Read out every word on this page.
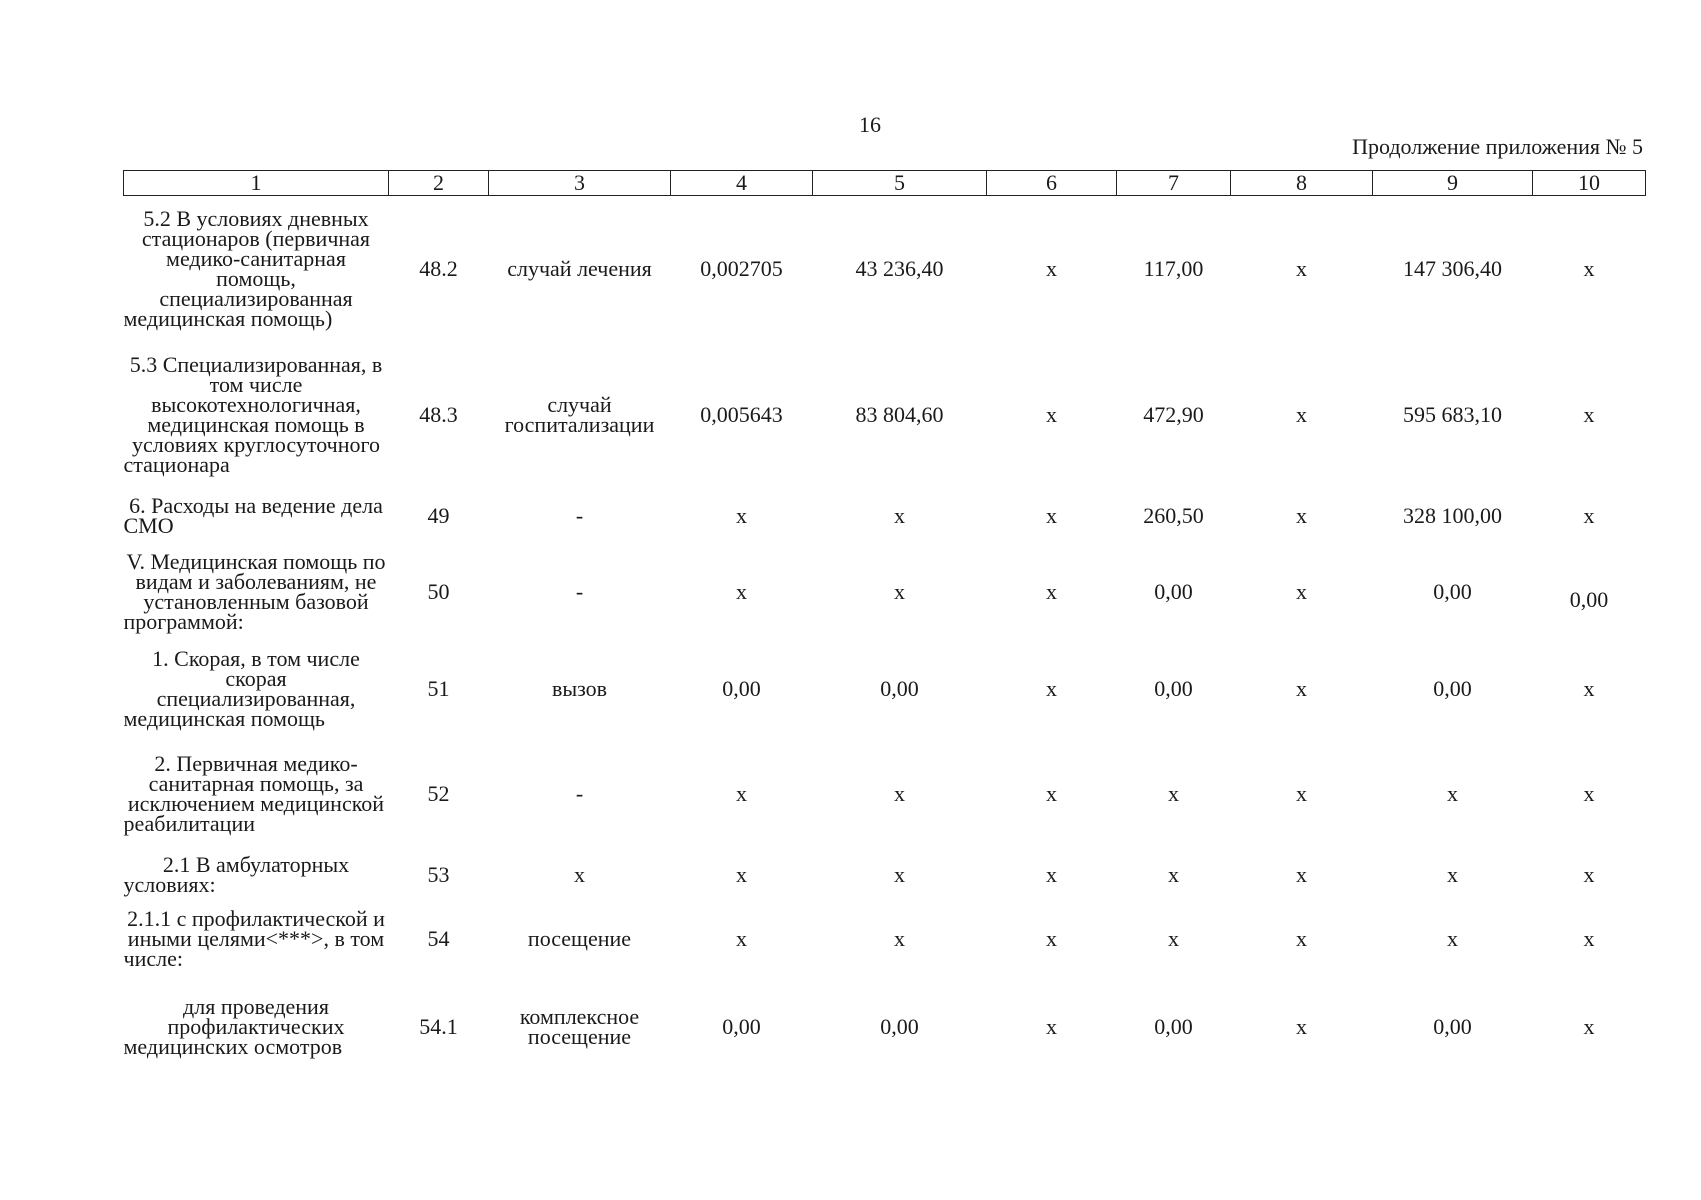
16
Продолжение приложения № 5
1	2	3	4	5	6	7	8	9	10
5.2 В условиях дневных стационаров (первичная медико-санитарная помощь, специализированная медицинская помощь)	48.2	случай лечения	0,002705	43 236,40	х	117,00	х	147 306,40	х
5.3 Специализированная, в том числе высокотехнологичная, медицинская помощь в условиях круглосуточного стационара	48.3	случай госпитализации	0,005643	83 804,60	х	472,90	х	595 683,10	х
6. Расходы на ведение дела СМО	49	-	х	х	х	260,50	х	328 100,00	х
V. Медицинская помощь по видам и заболеваниям, не установленным базовой программой:	50	-	х	х	х	0,00	х	0,00	0,00
1. Скорая, в том числе скорая специализированная, медицинская помощь	51	вызов	0,00	0,00	х	0,00	х	0,00	х
2. Первичная медико-санитарная помощь, за исключением медицинской реабилитации	52	-	х	х	х	х	х	х	х
2.1 В амбулаторных условиях:	53	х	х	х	х	х	х	х	х
2.1.1 с профилактической и иными целями<***>, в том числе:	54	посещение	х	х	х	х	х	х	х
для проведения профилактических медицинских осмотров	54.1	комплексное посещение	0,00	0,00	х	0,00	х	0,00	х
